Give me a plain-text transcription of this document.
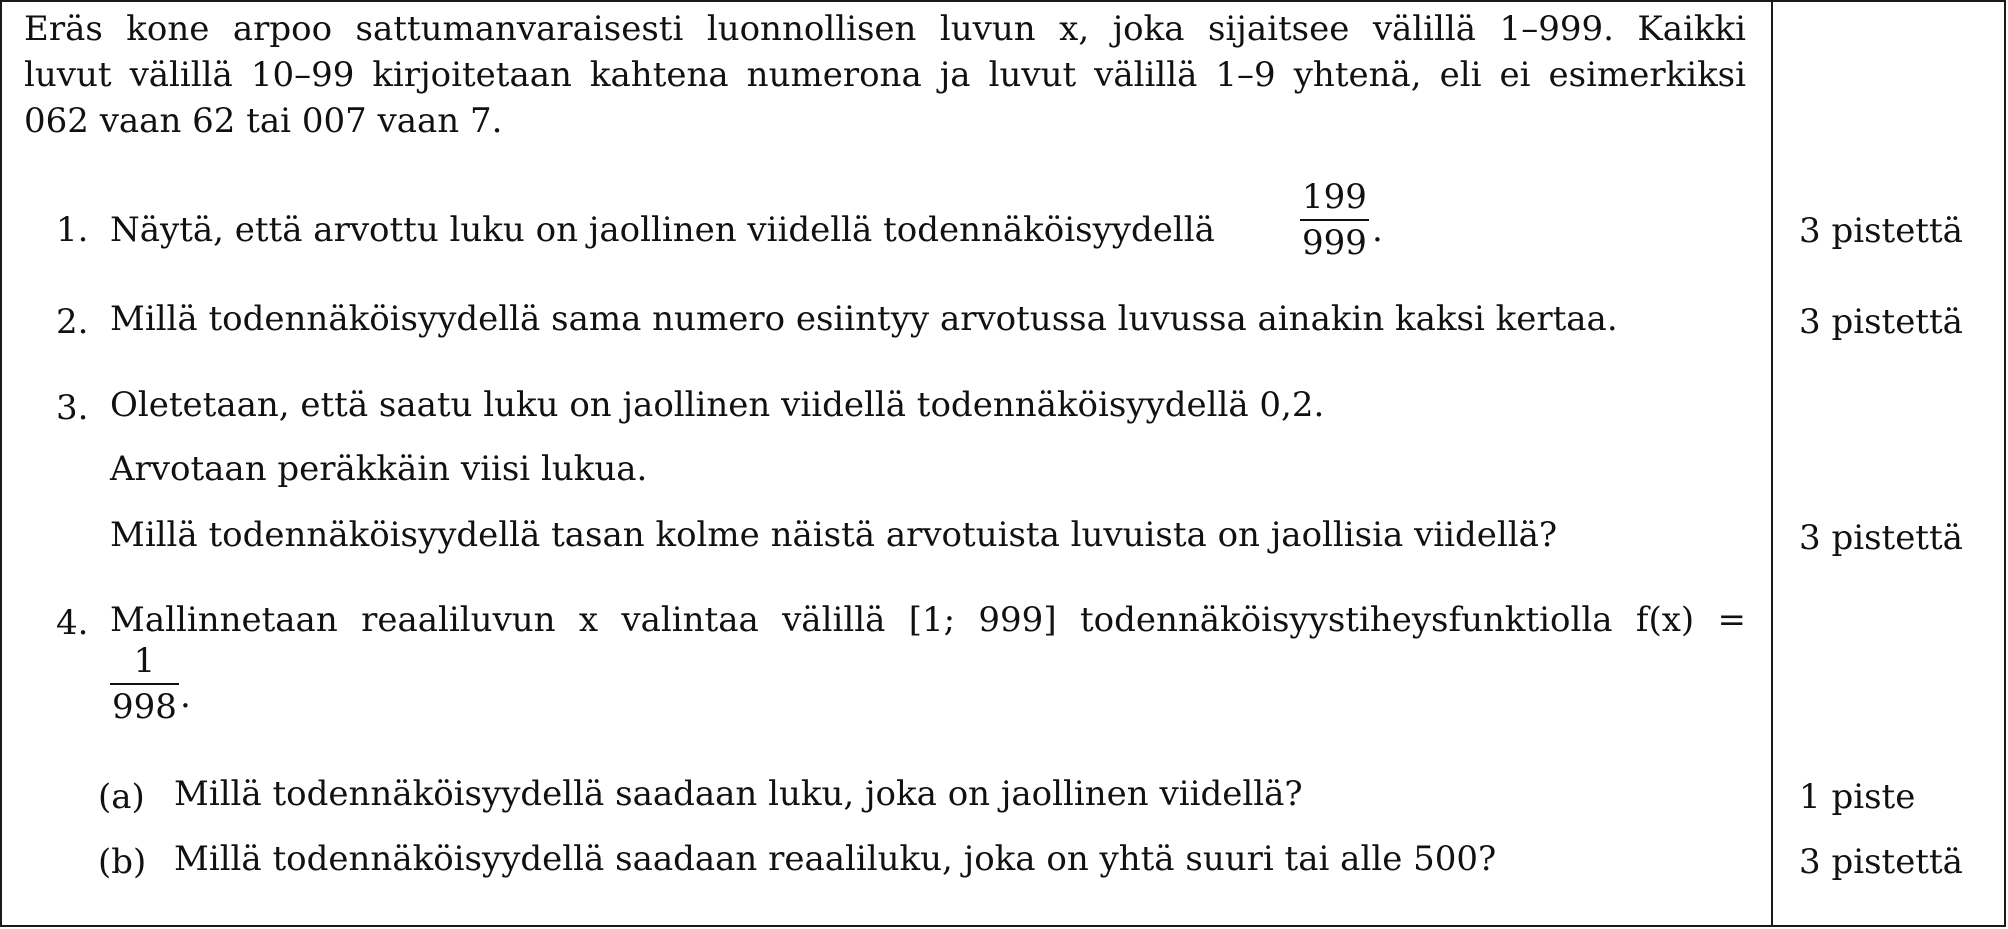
Eräs kone arpoo sattumanvaraisesti luonnollisen luvun x, joka sijaitsee välillä 1–999. Kaikki
luvut välillä 10–99 kirjoitetaan kahtena numerona ja luvut välillä 1–9 yhtenä, eli ei esimerkiksi
062 vaan 62 tai 007 vaan 7.
1. Näytä, että arvottu luku on jaollinen viidellä todennäköisyydellä
199
999 .	3 pistettä
2. Millä todennäköisyydellä sama numero esiintyy arvotussa luvussa ainakin kaksi kertaa.	3 pistettä
3. Oletetaan, että saatu luku on jaollinen viidellä todennäköisyydellä 0,2.
Arvotaan peräkkäin viisi lukua.
Millä todennäköisyydellä tasan kolme näistä arvotuista luvuista on jaollisia viidellä?	3 pistettä
4. Mallinnetaan reaaliluvun x valintaa välillä [1; 999] todennäköisyystiheysfunktiolla f(x) =
1
998 .
(a) Millä todennäköisyydellä saadaan luku, joka on jaollinen viidellä?	1 piste
(b) Millä todennäköisyydellä saadaan reaaliluku, joka on yhtä suuri tai alle 500?	3 pistettä
